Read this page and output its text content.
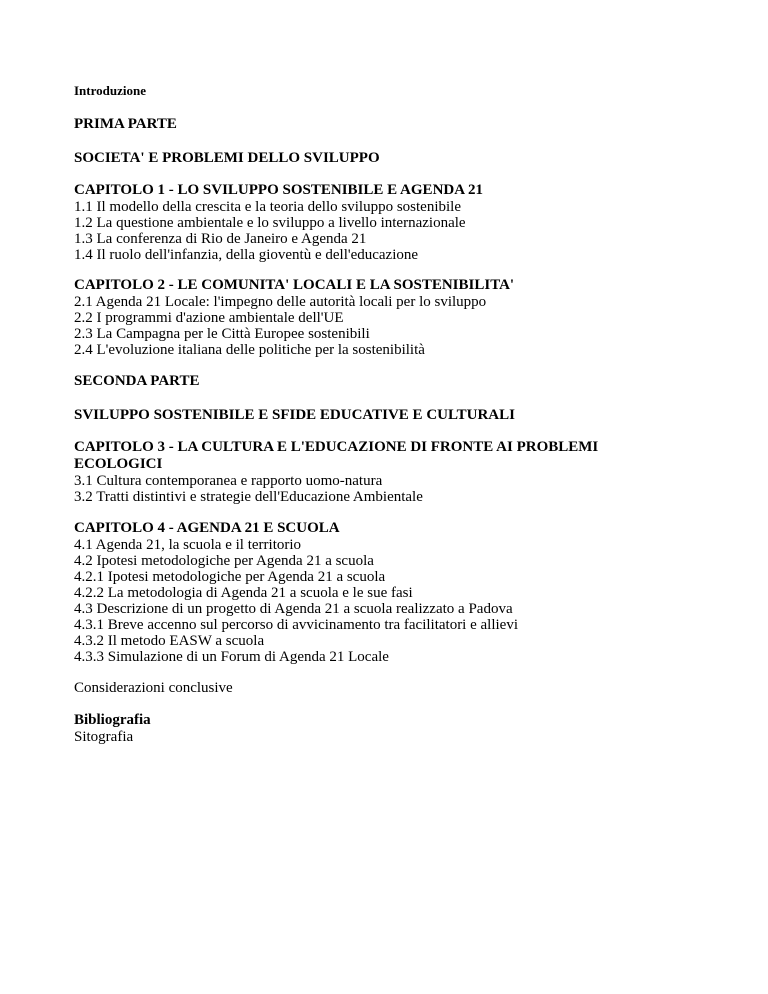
Introduzione

PRIMA PARTE

SOCIETA' E PROBLEMI DELLO SVILUPPO

CAPITOLO 1 - LO SVILUPPO SOSTENIBILE E AGENDA 21

1.1 Il modello della crescita e la teoria dello sviluppo sostenibile

1.2 La questione ambientale e lo sviluppo a livello internazionale

1.3 La conferenza di Rio de Janeiro e Agenda 21

1.4 Il ruolo dell'infanzia, della gioventù e dell'educazione

CAPITOLO 2 - LE COMUNITA' LOCALI E LA SOSTENIBILITA'

2.1 Agenda 21 Locale: l'impegno delle autorità locali per lo sviluppo

2.2 I programmi d'azione ambientale dell'UE

2.3 La Campagna per le Città Europee sostenibili

2.4 L'evoluzione italiana delle politiche per la sostenibilità

SECONDA PARTE

SVILUPPO SOSTENIBILE E SFIDE EDUCATIVE E CULTURALI

CAPITOLO 3 - LA CULTURA E L'EDUCAZIONE DI FRONTE AI PROBLEMI

ECOLOGICI

3.1 Cultura contemporanea e rapporto uomo-natura

3.2 Tratti distintivi e strategie dell'Educazione Ambientale

CAPITOLO 4 - AGENDA 21 E SCUOLA

4.1 Agenda 21, la scuola e il territorio

4.2 Ipotesi metodologiche per Agenda 21 a scuola

4.2.1 Ipotesi metodologiche per Agenda 21 a scuola

4.2.2 La metodologia di Agenda 21 a scuola e le sue fasi

4.3 Descrizione di un progetto di Agenda 21 a scuola realizzato a Padova

4.3.1 Breve accenno sul percorso di avvicinamento tra facilitatori e allievi

4.3.2 Il metodo EASW a scuola

4.3.3 Simulazione di un Forum di Agenda 21 Locale

Considerazioni conclusive

Bibliografia

Sitografia
